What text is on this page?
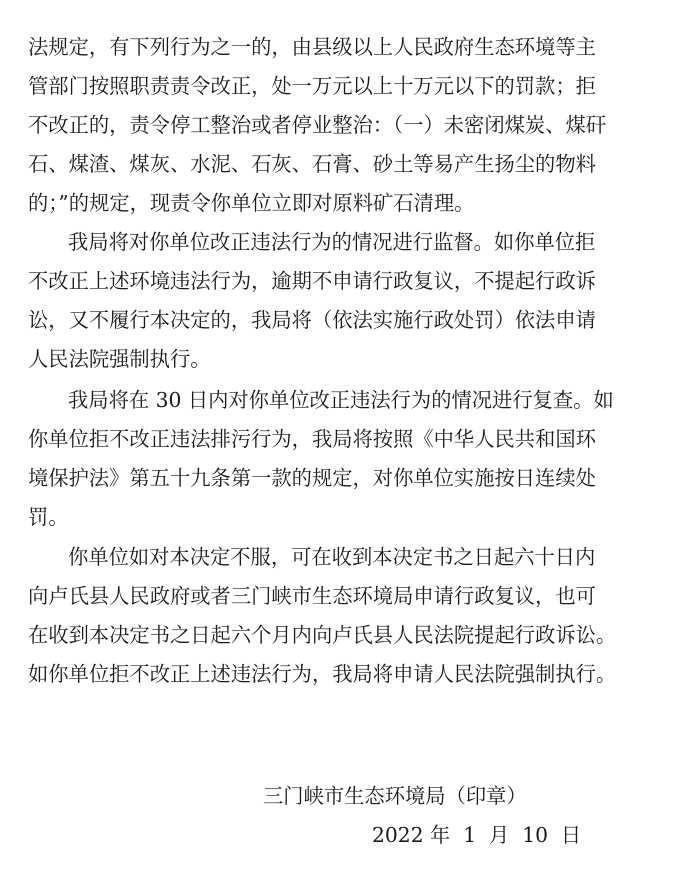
法规定，有下列行为之一的，由县级以上人民政府生态环境等主
管部门按照职责责令改正，处一万元以上十万元以下的罚款；拒
不改正的，责令停工整治或者停业整治：（一）未密闭煤炭、煤矸
石、煤渣、煤灰、水泥、石灰、石膏、砂土等易产生扬尘的物料
的；”的规定，现责令你单位立即对原料矿石清理。
我局将对你单位改正违法行为的情况进行监督。如你单位拒
不改正上述环境违法行为，逾期不申请行政复议，不提起行政诉
讼，又不履行本决定的，我局将（依法实施行政处罚）依法申请
人民法院强制执行。
我局将在 30 日内对你单位改正违法行为的情况进行复查。如
你单位拒不改正违法排污行为，我局将按照《中华人民共和国环
境保护法》第五十九条第一款的规定，对你单位实施按日连续处
罚。
你单位如对本决定不服，可在收到本决定书之日起六十日内
向卢氏县人民政府或者三门峡市生态环境局申请行政复议，也可
在收到本决定书之日起六个月内向卢氏县人民法院提起行政诉讼。
如你单位拒不改正上述违法行为，我局将申请人民法院强制执行。
三门峡市生态环境局（印章）
2022 年  1  月  10  日
